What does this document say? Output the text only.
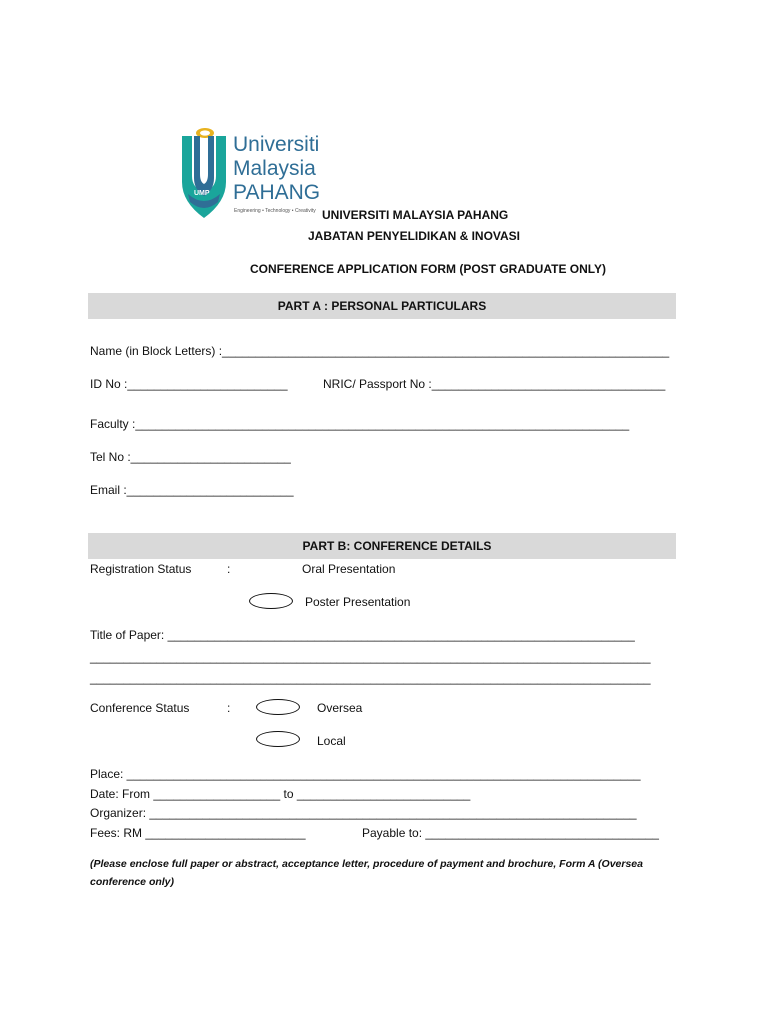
UMP
Universiti
Malaysia
PAHANG
Engineering • Technology • Creativity UNIVERSITI MALAYSIA PAHANG
JABATAN PENYELIDIKAN & INOVASI
CONFERENCE APPLICATION FORM (POST GRADUATE ONLY)
PART A : PERSONAL PARTICULARS
Name (in Block Letters) :___________________________________________________________________
ID No :________________________	NRIC/ Passport No :___________________________________
Faculty :__________________________________________________________________________
Tel No :________________________
Email :_________________________
PART B: CONFERENCE DETAILS
Registration Status	:	Oral Presentation
Poster Presentation
Title of Paper: ______________________________________________________________________
____________________________________________________________________________________
____________________________________________________________________________________
Conference Status	:	Oversea
Local
Place: _____________________________________________________________________________
Date: From ___________________ to __________________________
Organizer: _________________________________________________________________________
Fees: RM ________________________	Payable to: ___________________________________
(Please enclose full paper or abstract, acceptance letter, procedure of payment and brochure, Form A (Oversea conference only)
